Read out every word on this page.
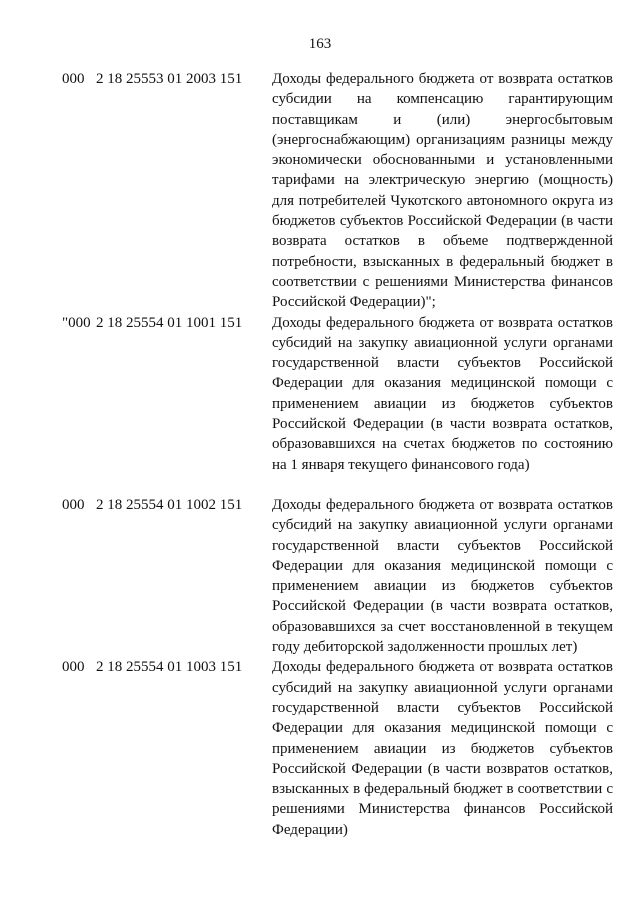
163
000 2 18 25553 01 2003 151	Доходы федерального бюджета от возврата остатков субсидии на компенсацию гарантирующим поставщикам и (или) энергосбытовым (энергоснабжающим) организациям разницы между экономически обоснованными и установленными тарифами на электрическую энергию (мощность) для потребителей Чукотского автономного округа из бюджетов субъектов Российской Федерации (в части возврата остатков в объеме подтвержденной потребности, взысканных в федеральный бюджет в соответствии с решениями Министерства финансов Российской Федерации)";
"000 2 18 25554 01 1001 151	Доходы федерального бюджета от возврата остатков субсидий на закупку авиационной услуги органами государственной власти субъектов Российской Федерации для оказания медицинской помощи с применением авиации из бюджетов субъектов Российской Федерации (в части возврата остатков, образовавшихся на счетах бюджетов по состоянию на 1 января текущего финансового года)
000 2 18 25554 01 1002 151	Доходы федерального бюджета от возврата остатков субсидий на закупку авиационной услуги органами государственной власти субъектов Российской Федерации для оказания медицинской помощи с применением авиации из бюджетов субъектов Российской Федерации (в части возврата остатков, образовавшихся за счет восстановленной в текущем году дебиторской задолженности прошлых лет)
000 2 18 25554 01 1003 151	Доходы федерального бюджета от возврата остатков субсидий на закупку авиационной услуги органами государственной власти субъектов Российской Федерации для оказания медицинской помощи с применением авиации из бюджетов субъектов Российской Федерации (в части возвратов остатков, взысканных в федеральный бюджет в соответствии с решениями Министерства финансов Российской Федерации)
